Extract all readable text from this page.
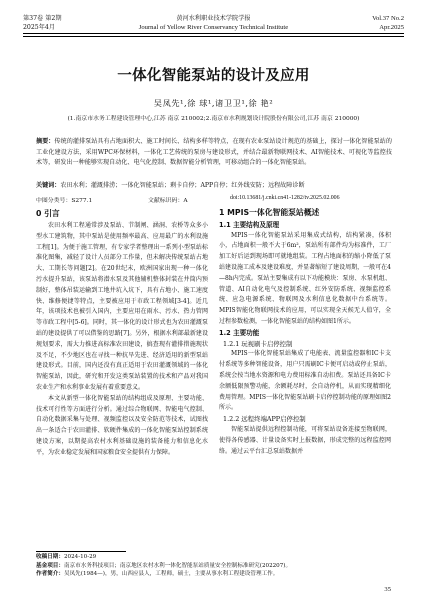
第37卷 第2期
2025年4月
黄河水利职业技术学院学报
Journal of Yellow River Conservancy Technical Institute
Vol.37 No.2
Apr.2025
一体化智能泵站的设计及应用
吴凤先¹,徐 球¹,诸卫卫¹,徐 艳²
(1.南京市水务工程建设管理中心,江苏 南京 210002;2.南京市水利规划设计院股份有限公司,江苏 南京 210000)
摘要：传统的灌排泵站具有占地面积大、施工时间长、结构多样等特点，在现有农业泵站设计规范的基础上，探讨一体化智能泵站的工业化建设方法，采用WPC环保材料，一体化工艺传统的泵房与建设形式，并结合最新物联网技术、AI智能技术、可视化等监控技术等，研发出一种能够实现自动化、电气化控制、数据智能分析管理，可移动组合的一体化智能泵站。
关键词：农田水利；灌溉排涝；一体化智能泵站；剩卡自停；APP自停；红外线安防；远程故障诊断
中图分类号：S277.1	文献标识码：A	doi:10.13681/j.cnki.cn41-1282/tv.2025.02.006
0 引言

农田水利工程通常涉及泵站、节制闸、涵洞、农桥等众多小型水工建筑物，其中泵站是使用频率最高、应用最广的水利设施工程[1]。为便于施工管理，有专家学者整理出一系列小型泵站标准化图集，减轻了设计人员部分工作量，但未解决传统泵站占地大、工期长等问题[2]。在20世纪末，欧洲国家出现一种一体化污水提升泵站，该泵站将潜水泵及其他辅机整体封装在井筒内预制好，整体吊装运输到工地井坑入坑下，具有占地小、施工速度快、维修便捷等特点，主要被应用于市政工程领域[3-4]。近几年，该项技术也被引入国内，主要应用在雨水、污水、热力管网等市政工程中[5-6]。同时，其一体化的设计形式也为农田灌溉泵站的建设提供了可以借鉴的思路[7]。另外，根据水利部最新建设规划要求，需大力推进高标准农田建设，搞查现有灌排措施现状及不足，不少地区也在寻找一种抗旱先进、经济适用的新型泵站建设形式。目前，国内还没有真正适用于农田灌溉领域的一体化智能泵站，因此，研究和开发这类泵站装置的技术和产品对我国农业生产和水利事业发展有着重要意义。

本文从新型一体化智能泵站的结构组成及原理、主要功能、技术可行性等方面进行分析。通过综合物联网、智能电气控制、自动化数据采集与处理、视频监控以及安全防范等技术，试图找出一条适合于农田灌排、软硬件集成的一体化智能泵站控制系统建设方案，以期提高农村水利基础设施的装备能力和信息化水平，为农业稳定发展和国家粮食安全提供有力保障。

1 MPIS一体化智能泵站概述
1.1 主要结构及原理

MPIS一体化智能泵站采用集成式结构，结构紧凑，体积小，占地面积一般不大于6m²，泵站所有部件均为标准件，工厂加工好后运到现场即可就地组装。工程占地面积的缩小降低了泵站建设施工成本及建设难度，并显著缩短了建设周期，一般可在4—8h内完成。泵站主要集成有以下功能模块：泵房、水泵机组、管道、AI自动化电气及控制系统、红外安防系统、视频监控系统、应急电源系统、物联网及水利信息化数据中台系统等。MPIS智能化物联网技术的应用，可以实现全天候无人值守，全过程参数检测，一体化智能泵站的结构如图1所示。

1.2 主要功能
1.2.1 玩视刷卡启停控制

MPIS一体化智能泵站集成了电能表、流量监控器和IC卡支付系统等多种智能设备，用户只需刷IC卡便可启动或停止泵站，系统会按当地水资源和电力费用标准自动扣费。泵站还具备IC卡余额低限预警功能，余额耗尽时，会自动停机，从而实现精细化费用管理。MPIS一体化智能泵站刷卡启停控制功能的原理如图2所示。

1.2.2 远程终端APP启停控制

智能泵站提供远程控制功能，可将泵站设备连接至物联网，使得各传感器、计量设备实时上报数据，形成完整的远程监控网络。通过云平台汇总泵站数据并

收稿日期：2024-10-29
基金项目：南京市水务科技项目；南京地区农村水利一体化智能泵站质量安全控制标准研究(202207)。
作者简介：吴凤先(1984—)，男，山西应县人，工程师，硕士，主要从事水利工程建设管理工作。
35
